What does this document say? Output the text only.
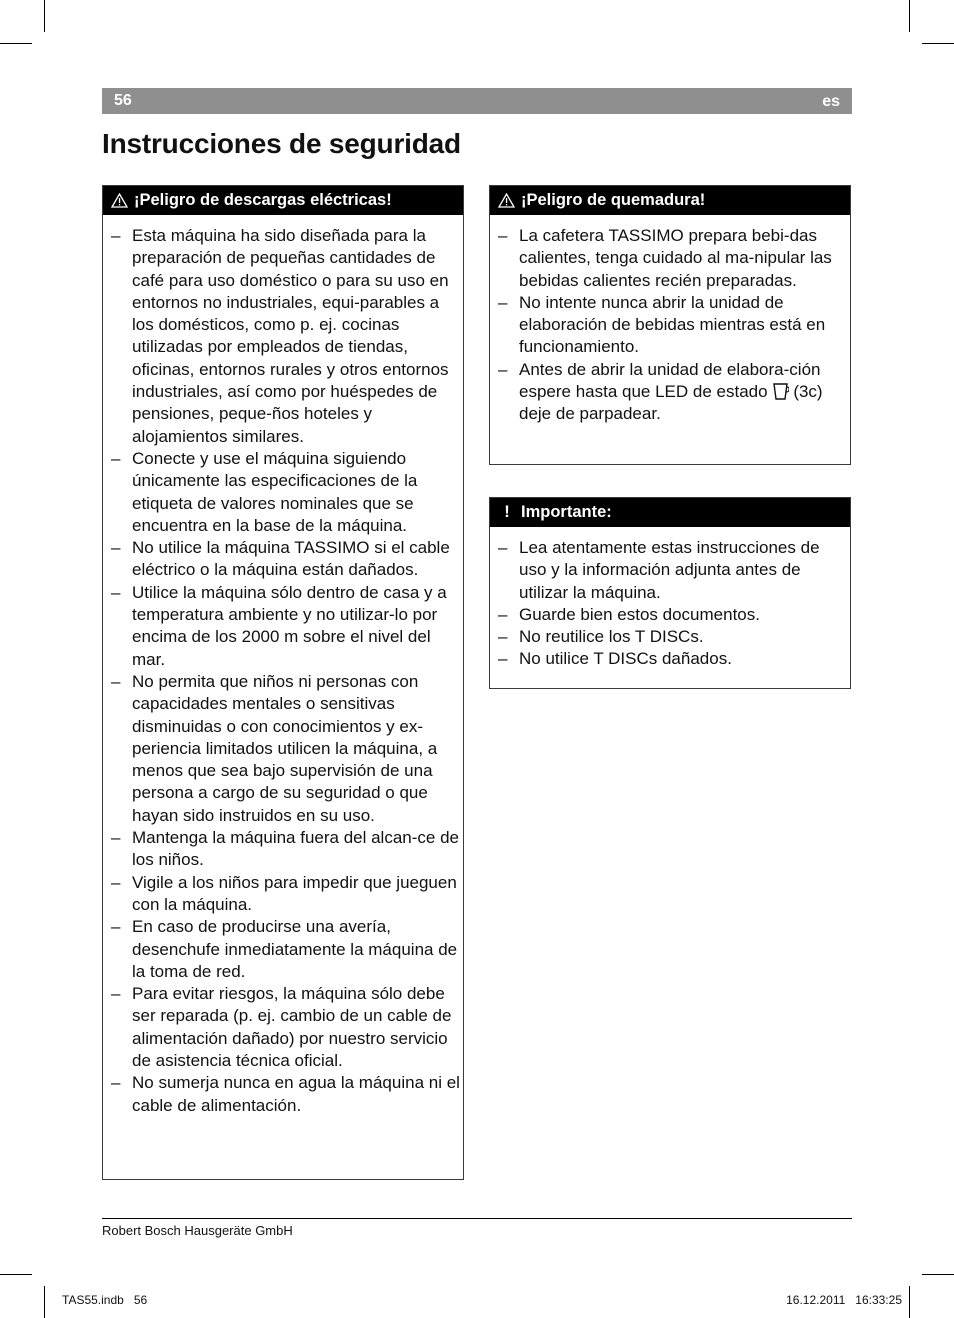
56	es
Instrucciones de seguridad
¡Peligro de descargas eléctricas!
– Esta máquina ha sido diseñada para la preparación de pequeñas cantidades de café para uso doméstico o para su uso en entornos no industriales, equi-parables a los domésticos, como p. ej. cocinas utilizadas por empleados de tiendas, oficinas, entornos rurales y otros entornos industriales, así como por huéspedes de pensiones, peque-ños hoteles y alojamientos similares.
– Conecte y use el máquina siguiendo únicamente las especificaciones de la etiqueta de valores nominales que se encuentra en la base de la máquina.
– No utilice la máquina TASSIMO si el cable eléctrico o la máquina están dañados.
– Utilice la máquina sólo dentro de casa y a temperatura ambiente y no utilizar-lo por encima de los 2000 m sobre el nivel del mar.
– No permita que niños ni personas con capacidades mentales o sensitivas disminuidas o con conocimientos y ex-periencia limitados utilicen la máquina, a menos que sea bajo supervisión de una persona a cargo de su seguridad o que hayan sido instruidos en su uso.
– Mantenga la máquina fuera del alcan-ce de los niños.
– Vigile a los niños para impedir que jueguen con la máquina.
– En caso de producirse una avería, desenchufe inmediatamente la máquina de la toma de red.
– Para evitar riesgos, la máquina sólo debe ser reparada (p. ej. cambio de un cable de alimentación dañado) por nuestro servicio de asistencia técnica oficial.
– No sumerja nunca en agua la máquina ni el cable de alimentación.
¡Peligro de quemadura!
– La cafetera TASSIMO prepara bebi-das calientes, tenga cuidado al ma-nipular las bebidas calientes recién preparadas.
– No intente nunca abrir la unidad de elaboración de bebidas mientras está en funcionamiento.
– Antes de abrir la unidad de elabora-ción espere hasta que LED de estado (3c) deje de parpadear.
! Importante:
– Lea atentamente estas instrucciones de uso y la información adjunta antes de utilizar la máquina.
– Guarde bien estos documentos.
– No reutilice los T DISCs.
– No utilice T DISCs dañados.
Robert Bosch Hausgeräte GmbH
TAS55.indb   56	16.12.2011   16:33:25
